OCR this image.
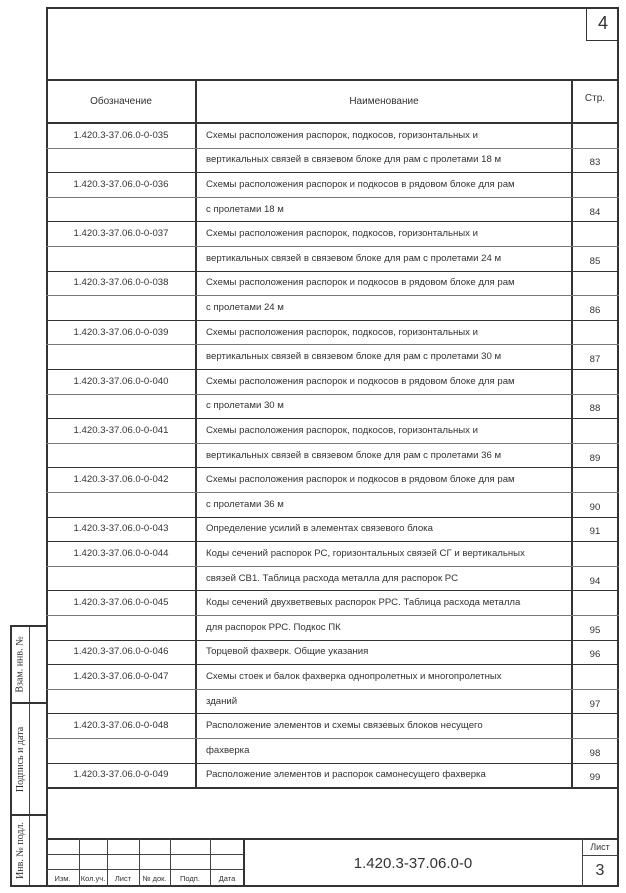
4
Обозначение	Наименование	Стр.
1.420.3-37.06.0-0-035	Схемы расположения распорок, подкосов, горизонтальных и
вертикальных связей в связевом блоке для рам с пролетами 18 м	83
1.420.3-37.06.0-0-036	Схемы расположения распорок и подкосов в рядовом блоке для рам
с пролетами 18 м	84
1.420.3-37.06.0-0-037	Схемы расположения распорок, подкосов, горизонтальных и
вертикальных связей в связевом блоке для рам с пролетами 24 м	85
1.420.3-37.06.0-0-038	Схемы расположения распорок и подкосов в рядовом блоке для рам
с пролетами 24 м	86
1.420.3-37.06.0-0-039	Схемы расположения распорок, подкосов, горизонтальных и
вертикальных связей в связевом блоке для рам с пролетами 30 м	87
1.420.3-37.06.0-0-040	Схемы расположения распорок и подкосов в рядовом блоке для рам
с пролетами 30 м	88
1.420.3-37.06.0-0-041	Схемы расположения распорок, подкосов, горизонтальных и
вертикальных связей в связевом блоке для рам с пролетами 36 м	89
1.420.3-37.06.0-0-042	Схемы расположения распорок и подкосов в рядовом блоке для рам
с пролетами 36 м	90
1.420.3-37.06.0-0-043	Определение усилий в элементах связевого блока	91
1.420.3-37.06.0-0-044	Коды сечений распорок РС, горизонтальных связей СГ и вертикальных
связей СВ1. Таблица расхода металла для распорок РС	94
1.420.3-37.06.0-0-045	Коды сечений двухветвевых распорок РРС. Таблица расхода металла
для распорок РРС. Подкос ПК	95
1.420.3-37.06.0-0-046	Торцевой фахверк. Общие указания	96
1.420.3-37.06.0-0-047	Схемы стоек и балок фахверка однопролетных и многопролетных
зданий	97
1.420.3-37.06.0-0-048	Расположение элементов и схемы связевых блоков несущего
фахверка	98
1.420.3-37.06.0-0-049	Расположение элементов и распорок самонесущего фахверка	99
Взам. инв. №
Подпись и дата
Инв. № подл.	Изм.	Кол.уч.	Лист	№ док.	Подп.	Дата
1.420.3-37.06.0-0
Лист
3
